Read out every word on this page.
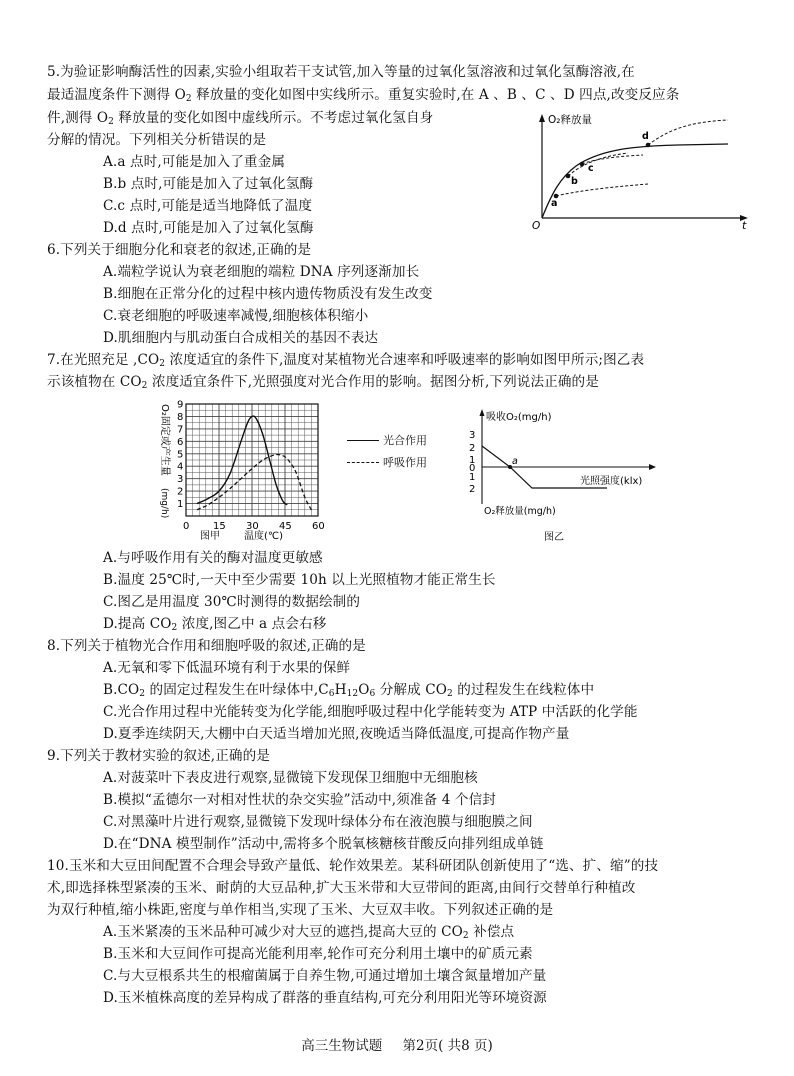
5.为验证影响酶活性的因素,实验小组取若干支试管,加入等量的过氧化氢溶液和过氧化氢酶溶液,在
最适温度条件下测得 $O_2$ 释放量的变化如图中实线所示。重复实验时,在 A 、B 、C 、D 四点,改变反应条
件,测得 $O_2$ 释放量的变化如图中虚线所示。不考虑过氧化氢自身
分解的情况。下列相关分析错误的是
A.a 点时,可能是加入了重金属
B.b 点时,可能是加入了过氧化氢酶
C.c 点时,可能是适当地降低了温度
D.d 点时,可能是加入了过氧化氢酶
O₂释放量
t
O
a
b
c
d
6.下列关于细胞分化和衰老的叙述,正确的是
A.端粒学说认为衰老细胞的端粒 DNA 序列逐渐加长
B.细胞在正常分化的过程中核内遗传物质没有发生改变
C.衰老细胞的呼吸速率减慢,细胞核体积缩小
D.肌细胞内与肌动蛋白合成相关的基因不表达
7.在光照充足 $,CO_2$ 浓度适宜的条件下,温度对某植物光合速率和呼吸速率的影响如图甲所示;图乙表
示该植物在 $CO_2$ 浓度适宜条件下,光照强度对光合作用的影响。据图分析,下列说法正确的是
O₂固定或产生量
(mg/h) 1
2
3
4
5
6
7
8
9
0 15 30 45 60
图甲 温度(℃)
光合作用
呼吸作用
吸收O₂(mg/h)
O₂释放量(mg/h)
光照强度(klx)
3
2
1
0
1
2
a
图乙
A.与呼吸作用有关的酶对温度更敏感
B.温度 25℃时,一天中至少需要 10h 以上光照植物才能正常生长
C.图乙是用温度 30℃时测得的数据绘制的
D.提高 $CO_2$ 浓度,图乙中 a 点会右移
8.下列关于植物光合作用和细胞呼吸的叙述,正确的是
A.无氧和零下低温环境有利于水果的保鲜
$B.CO_2$ 的固定过程发生在叶绿体中$,C_6H_{12}O_6$ 分解成 $CO_2$ 的过程发生在线粒体中
C.光合作用过程中光能转变为化学能,细胞呼吸过程中化学能转变为 ATP 中活跃的化学能
D.夏季连续阴天,大棚中白天适当增加光照,夜晚适当降低温度,可提高作物产量
9.下列关于教材实验的叙述,正确的是
A.对菠菜叶下表皮进行观察,显微镜下发现保卫细胞中无细胞核
B.模拟“孟德尔一对相对性状的杂交实验”活动中,须准备 4 个信封
C.对黑藻叶片进行观察,显微镜下发现叶绿体分布在液泡膜与细胞膜之间
D.在“DNA 模型制作”活动中,需将多个脱氧核糖核苷酸反向排列组成单链
10.玉米和大豆田间配置不合理会导致产量低、轮作效果差。某科研团队创新使用了“选、扩、缩”的技
术,即选择株型紧凑的玉米、耐荫的大豆品种,扩大玉米带和大豆带间的距离,由间行交替单行种植改
为双行种植,缩小株距,密度与单作相当,实现了玉米、大豆双丰收。下列叙述正确的是
A.玉米紧凑的玉米品种可减少对大豆的遮挡,提高大豆的 $CO_2$ 补偿点
B.玉米和大豆间作可提高光能利用率,轮作可充分利用土壤中的矿质元素
C.与大豆根系共生的根瘤菌属于自养生物,可通过增加土壤含氮量增加产量
D.玉米植株高度的差异构成了群落的垂直结构,可充分利用阳光等环境资源
高三生物试题 第2页( 共8 页)
